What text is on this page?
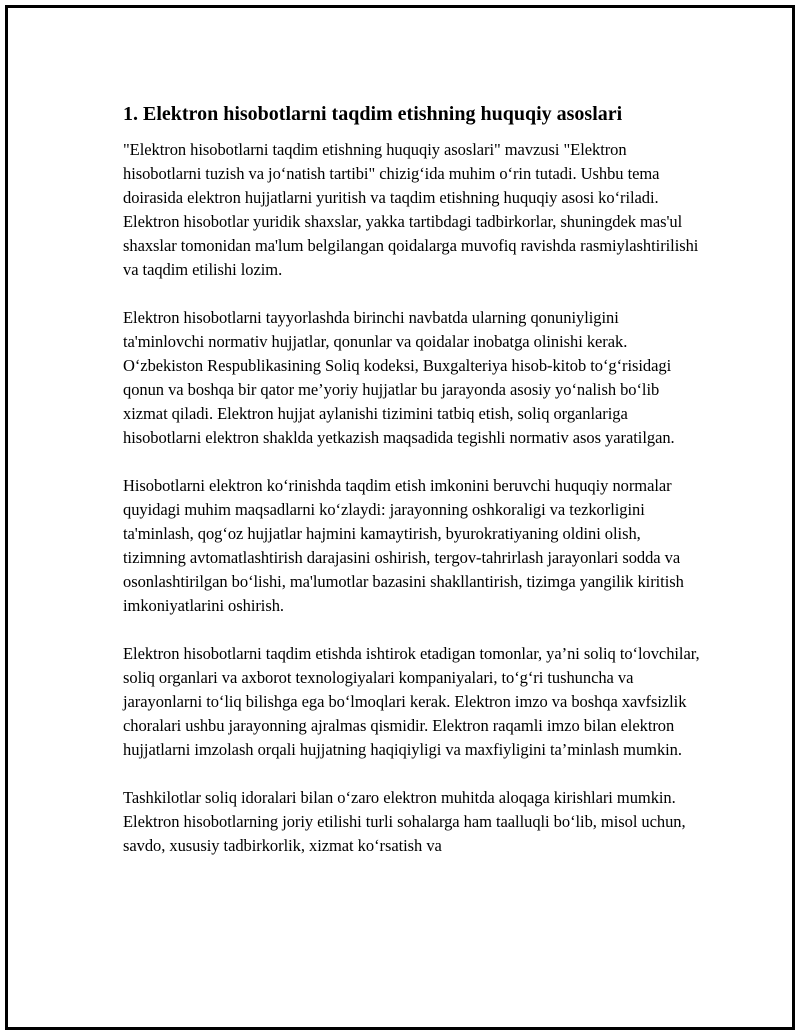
1. Elektron hisobotlarni taqdim etishning huquqiy asoslari

"Elektron hisobotlarni taqdim etishning huquqiy asoslari" mavzusi "Elektron hisobotlarni tuzish va jo‘natish tartibi" chizig‘ida muhim o‘rin tutadi. Ushbu tema doirasida elektron hujjatlarni yuritish va taqdim etishning huquqiy asosi ko‘riladi. Elektron hisobotlar yuridik shaxslar, yakka tartibdagi tadbirkorlar, shuningdek mas'ul shaxslar tomonidan ma'lum belgilangan qoidalarga muvofiq ravishda rasmiylashtirilishi va taqdim etilishi lozim.

Elektron hisobotlarni tayyorlashda birinchi navbatda ularning qonuniyligini ta'minlovchi normativ hujjatlar, qonunlar va qoidalar inobatga olinishi kerak. O‘zbekiston Respublikasining Soliq kodeksi, Buxgalteriya hisob-kitob to‘g‘risidagi qonun va boshqa bir qator me’yoriy hujjatlar bu jarayonda asosiy yo‘nalish bo‘lib xizmat qiladi. Elektron hujjat aylanishi tizimini tatbiq etish, soliq organlariga hisobotlarni elektron shaklda yetkazish maqsadida tegishli normativ asos yaratilgan.

Hisobotlarni elektron ko‘rinishda taqdim etish imkonini beruvchi huquqiy normalar quyidagi muhim maqsadlarni ko‘zlaydi: jarayonning oshkoraligi va tezkorligini ta'minlash, qog‘oz hujjatlar hajmini kamaytirish, byurokratiyaning oldini olish, tizimning avtomatlashtirish darajasini oshirish, tergov-tahrirlash jarayonlari sodda va osonlashtirilgan bo‘lishi, ma'lumotlar bazasini shakllantirish, tizimga yangilik kiritish imkoniyatlarini oshirish.

Elektron hisobotlarni taqdim etishda ishtirok etadigan tomonlar, ya’ni soliq to‘lovchilar, soliq organlari va axborot texnologiyalari kompaniyalari, to‘g‘ri tushuncha va jarayonlarni to‘liq bilishga ega bo‘lmoqlari kerak. Elektron imzo va boshqa xavfsizlik choralari ushbu jarayonning ajralmas qismidir. Elektron raqamli imzo bilan elektron hujjatlarni imzolash orqali hujjatning haqiqiyligi va maxfiyligini ta’minlash mumkin.

Tashkilotlar soliq idoralari bilan o‘zaro elektron muhitda aloqaga kirishlari mumkin. Elektron hisobotlarning joriy etilishi turli sohalarga ham taalluqli bo‘lib, misol uchun, savdo, xususiy tadbirkorlik, xizmat ko‘rsatish va
